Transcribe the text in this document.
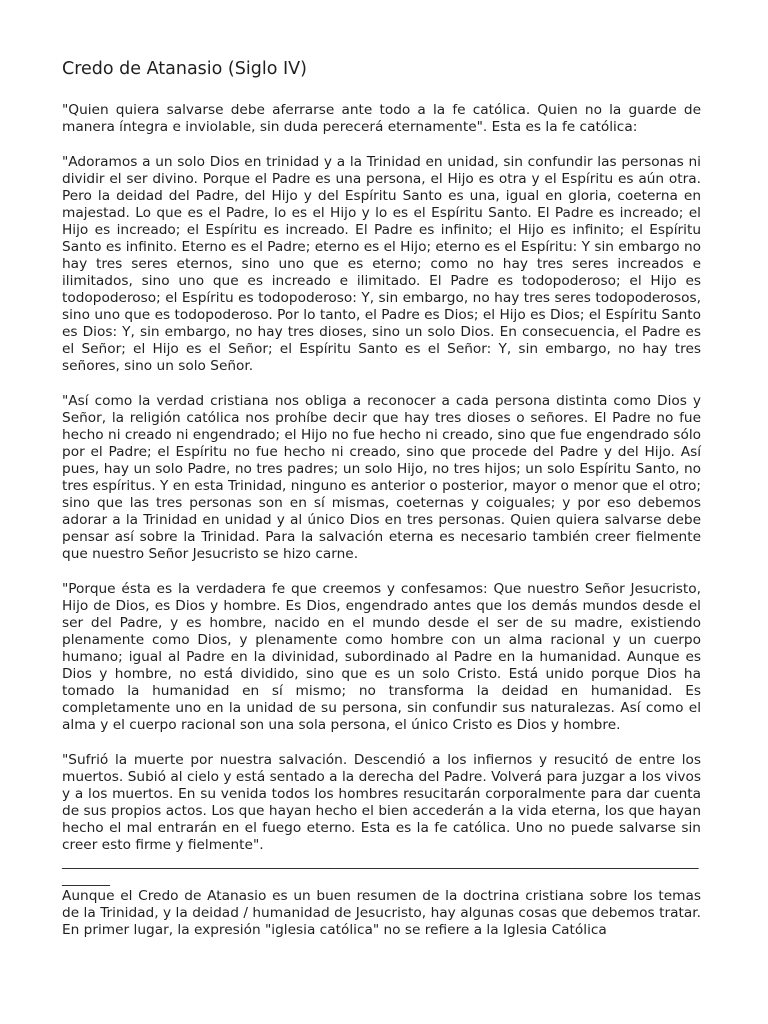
Credo de Atanasio (Siglo IV)

"Quien quiera salvarse debe aferrarse ante todo a la fe católica. Quien no la guarde de manera íntegra e inviolable, sin duda perecerá eternamente". Esta es la fe católica:

"Adoramos a un solo Dios en trinidad y a la Trinidad en unidad, sin confundir las personas ni dividir el ser divino. Porque el Padre es una persona, el Hijo es otra y el Espíritu es aún otra. Pero la deidad del Padre, del Hijo y del Espíritu Santo es una, igual en gloria, coeterna en majestad. Lo que es el Padre, lo es el Hijo y lo es el Espíritu Santo. El Padre es increado; el Hijo es increado; el Espíritu es increado. El Padre es infinito; el Hijo es infinito; el Espíritu Santo es infinito. Eterno es el Padre; eterno es el Hijo; eterno es el Espíritu: Y sin embargo no hay tres seres eternos, sino uno que es eterno; como no hay tres seres increados e ilimitados, sino uno que es increado e ilimitado. El Padre es todopoderoso; el Hijo es todopoderoso; el Espíritu es todopoderoso: Y, sin embargo, no hay tres seres todopoderosos, sino uno que es todopoderoso. Por lo tanto, el Padre es Dios; el Hijo es Dios; el Espíritu Santo es Dios: Y, sin embargo, no hay tres dioses, sino un solo Dios. En consecuencia, el Padre es el Señor; el Hijo es el Señor; el Espíritu Santo es el Señor: Y, sin embargo, no hay tres señores, sino un solo Señor.

"Así como la verdad cristiana nos obliga a reconocer a cada persona distinta como Dios y Señor, la religión católica nos prohíbe decir que hay tres dioses o señores. El Padre no fue hecho ni creado ni engendrado; el Hijo no fue hecho ni creado, sino que fue engendrado sólo por el Padre; el Espíritu no fue hecho ni creado, sino que procede del Padre y del Hijo. Así pues, hay un solo Padre, no tres padres; un solo Hijo, no tres hijos; un solo Espíritu Santo, no tres espíritus. Y en esta Trinidad, ninguno es anterior o posterior, mayor o menor que el otro; sino que las tres personas son en sí mismas, coeternas y coiguales; y por eso debemos adorar a la Trinidad en unidad y al único Dios en tres personas. Quien quiera salvarse debe pensar así sobre la Trinidad. Para la salvación eterna es necesario también creer fielmente que nuestro Señor Jesucristo se hizo carne.

"Porque ésta es la verdadera fe que creemos y confesamos: Que nuestro Señor Jesucristo, Hijo de Dios, es Dios y hombre. Es Dios, engendrado antes que los demás mundos desde el ser del Padre, y es hombre, nacido en el mundo desde el ser de su madre, existiendo plenamente como Dios, y plenamente como hombre con un alma racional y un cuerpo humano; igual al Padre en la divinidad, subordinado al Padre en la humanidad. Aunque es Dios y hombre, no está dividido, sino que es un solo Cristo. Está unido porque Dios ha tomado la humanidad en sí mismo; no transforma la deidad en humanidad. Es completamente uno en la unidad de su persona, sin confundir sus naturalezas. Así como el alma y el cuerpo racional son una sola persona, el único Cristo es Dios y hombre.

"Sufrió la muerte por nuestra salvación. Descendió a los infiernos y resucitó de entre los muertos. Subió al cielo y está sentado a la derecha del Padre. Volverá para juzgar a los vivos y a los muertos. En su venida todos los hombres resucitarán corporalmente para dar cuenta de sus propios actos. Los que hayan hecho el bien accederán a la vida eterna, los que hayan hecho el mal entrarán en el fuego eterno. Esta es la fe católica. Uno no puede salvarse sin creer esto firme y fielmente".

____________________________________________________________________________________________________

Aunque el Credo de Atanasio es un buen resumen de la doctrina cristiana sobre los temas de la Trinidad, y la deidad / humanidad de Jesucristo, hay algunas cosas que debemos tratar. En primer lugar, la expresión "iglesia católica" no se refiere a la Iglesia Católica
